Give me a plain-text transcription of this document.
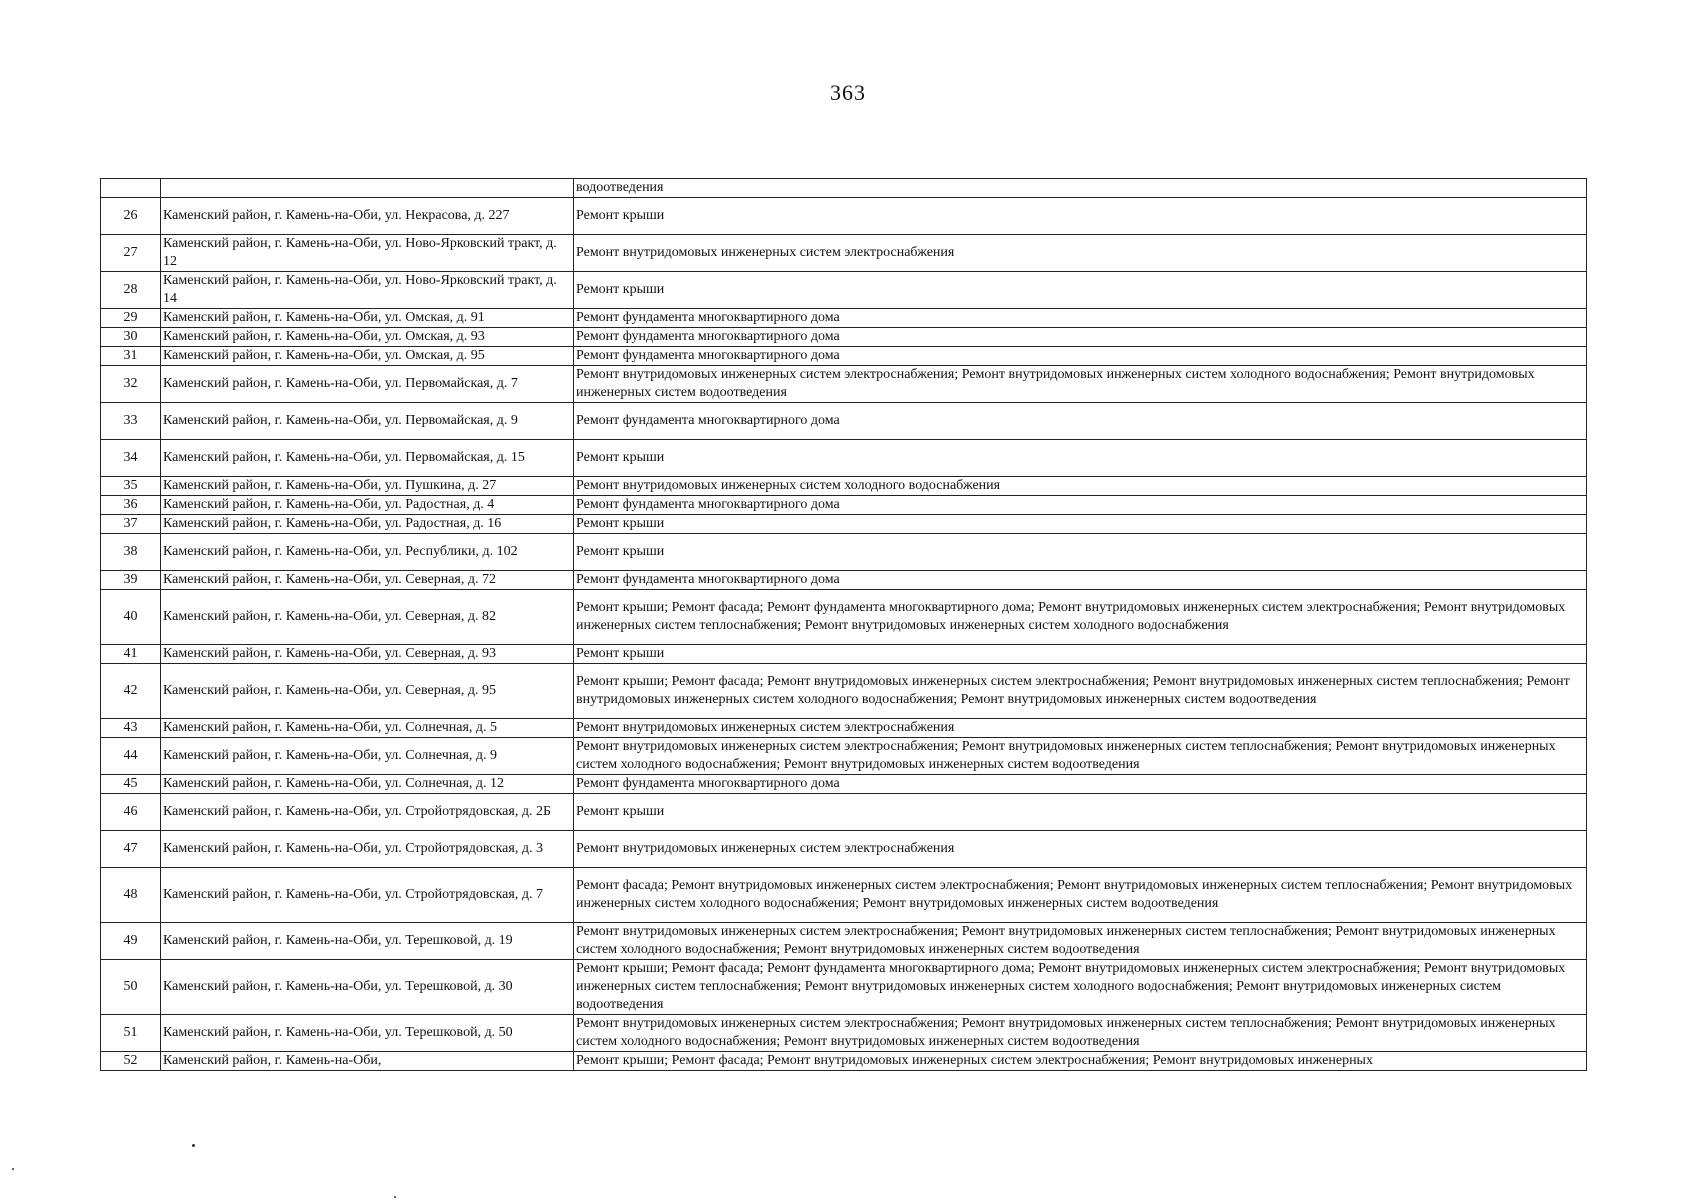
363
		водоотведения
26	Каменский район, г. Камень-на-Оби, ул. Некрасова, д. 227	Ремонт крыши
27	Каменский район, г. Камень-на-Оби, ул. Ново-Ярковский тракт, д. 12	Ремонт внутридомовых инженерных систем электроснабжения
28	Каменский район, г. Камень-на-Оби, ул. Ново-Ярковский тракт, д. 14	Ремонт крыши
29	Каменский район, г. Камень-на-Оби, ул. Омская, д. 91	Ремонт фундамента многоквартирного дома
30	Каменский район, г. Камень-на-Оби, ул. Омская, д. 93	Ремонт фундамента многоквартирного дома
31	Каменский район, г. Камень-на-Оби, ул. Омская, д. 95	Ремонт фундамента многоквартирного дома
32	Каменский район, г. Камень-на-Оби, ул. Первомайская, д. 7	Ремонт внутридомовых инженерных систем электроснабжения; Ремонт внутридомовых инженерных систем холодного водоснабжения; Ремонт внутридомовых инженерных систем водоотведения
33	Каменский район, г. Камень-на-Оби, ул. Первомайская, д. 9	Ремонт фундамента многоквартирного дома
34	Каменский район, г. Камень-на-Оби, ул. Первомайская, д. 15	Ремонт крыши
35	Каменский район, г. Камень-на-Оби, ул. Пушкина, д. 27	Ремонт внутридомовых инженерных систем холодного водоснабжения
36	Каменский район, г. Камень-на-Оби, ул. Радостная, д. 4	Ремонт фундамента многоквартирного дома
37	Каменский район, г. Камень-на-Оби, ул. Радостная, д. 16	Ремонт крыши
38	Каменский район, г. Камень-на-Оби, ул. Республики, д. 102	Ремонт крыши
39	Каменский район, г. Камень-на-Оби, ул. Северная, д. 72	Ремонт фундамента многоквартирного дома
40	Каменский район, г. Камень-на-Оби, ул. Северная, д. 82	Ремонт крыши; Ремонт фасада; Ремонт фундамента многоквартирного дома; Ремонт внутридомовых инженерных систем электроснабжения; Ремонт внутридомовых инженерных систем теплоснабжения; Ремонт внутридомовых инженерных систем холодного водоснабжения
41	Каменский район, г. Камень-на-Оби, ул. Северная, д. 93	Ремонт крыши
42	Каменский район, г. Камень-на-Оби, ул. Северная, д. 95	Ремонт крыши; Ремонт фасада; Ремонт внутридомовых инженерных систем электроснабжения; Ремонт внутридомовых инженерных систем теплоснабжения; Ремонт внутридомовых инженерных систем холодного водоснабжения; Ремонт внутридомовых инженерных систем водоотведения
43	Каменский район, г. Камень-на-Оби, ул. Солнечная, д. 5	Ремонт внутридомовых инженерных систем электроснабжения
44	Каменский район, г. Камень-на-Оби, ул. Солнечная, д. 9	Ремонт внутридомовых инженерных систем электроснабжения; Ремонт внутридомовых инженерных систем теплоснабжения; Ремонт внутридомовых инженерных систем холодного водоснабжения; Ремонт внутридомовых инженерных систем водоотведения
45	Каменский район, г. Камень-на-Оби, ул. Солнечная, д. 12	Ремонт фундамента многоквартирного дома
46	Каменский район, г. Камень-на-Оби, ул. Стройотрядовская, д. 2Б	Ремонт крыши
47	Каменский район, г. Камень-на-Оби, ул. Стройотрядовская, д. 3	Ремонт внутридомовых инженерных систем электроснабжения
48	Каменский район, г. Камень-на-Оби, ул. Стройотрядовская, д. 7	Ремонт фасада; Ремонт внутридомовых инженерных систем электроснабжения; Ремонт внутридомовых инженерных систем теплоснабжения; Ремонт внутридомовых инженерных систем холодного водоснабжения; Ремонт внутридомовых инженерных систем водоотведения
49	Каменский район, г. Камень-на-Оби, ул. Терешковой, д. 19	Ремонт внутридомовых инженерных систем электроснабжения; Ремонт внутридомовых инженерных систем теплоснабжения; Ремонт внутридомовых инженерных систем холодного водоснабжения; Ремонт внутридомовых инженерных систем водоотведения
50	Каменский район, г. Камень-на-Оби, ул. Терешковой, д. 30	Ремонт крыши; Ремонт фасада; Ремонт фундамента многоквартирного дома; Ремонт внутридомовых инженерных систем электроснабжения; Ремонт внутридомовых инженерных систем теплоснабжения; Ремонт внутридомовых инженерных систем холодного водоснабжения; Ремонт внутридомовых инженерных систем водоотведения
51	Каменский район, г. Камень-на-Оби, ул. Терешковой, д. 50	Ремонт внутридомовых инженерных систем электроснабжения; Ремонт внутридомовых инженерных систем теплоснабжения; Ремонт внутридомовых инженерных систем холодного водоснабжения; Ремонт внутридомовых инженерных систем водоотведения
52	Каменский район, г. Камень-на-Оби,	Ремонт крыши; Ремонт фасада; Ремонт внутридомовых инженерных систем электроснабжения; Ремонт внутридомовых инженерных
